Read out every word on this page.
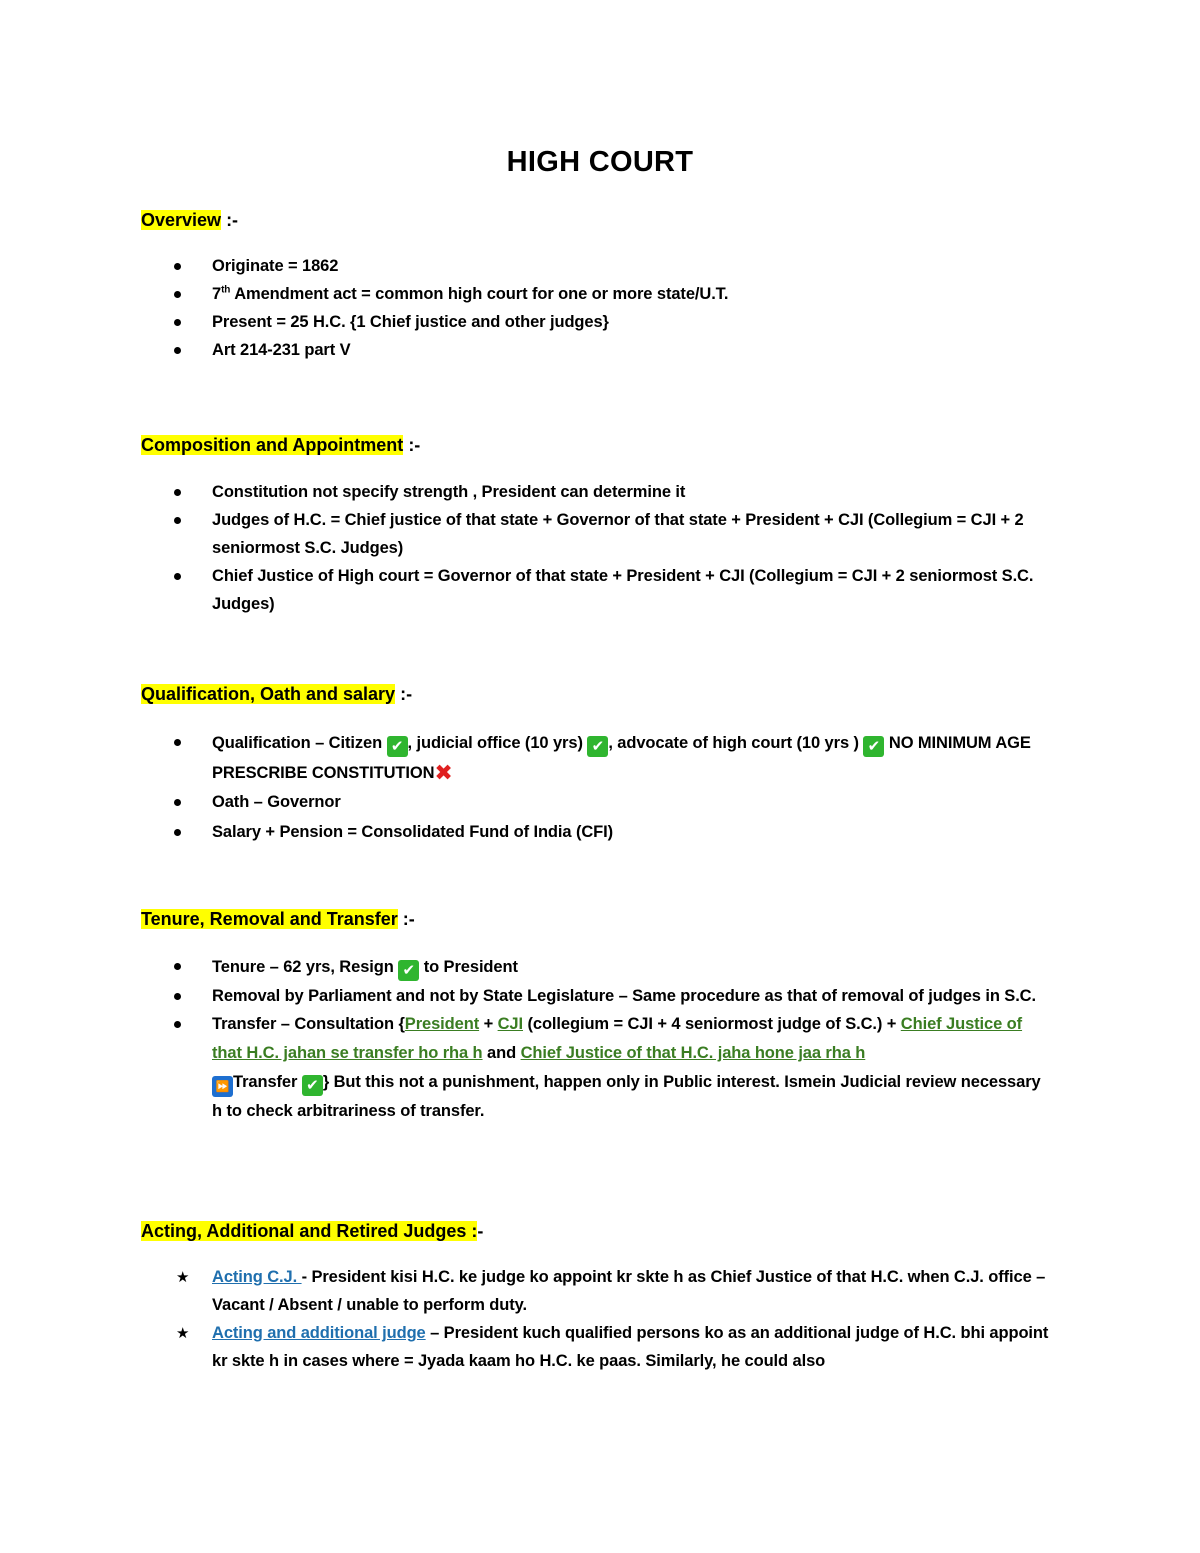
HIGH COURT
Overview :-
Originate = 1862
7th Amendment act = common high court for one or more state/U.T.
Present = 25 H.C. {1 Chief justice and other judges}
Art 214-231 part V
Composition and Appointment :-
Constitution not specify strength , President can determine it
Judges of H.C. = Chief justice of that state + Governor of that state + President + CJI (Collegium = CJI + 2 seniormost S.C. Judges)
Chief Justice of High court = Governor of that state + President + CJI (Collegium = CJI + 2 seniormost S.C. Judges)
Qualification, Oath and salary :-
Qualification – Citizen ✔ , judicial office (10 yrs) ✔ , advocate of high court (10 yrs ) ✔ NO MINIMUM AGE PRESCRIBE CONSTITUTION✖
Oath – Governor
Salary + Pension = Consolidated Fund of India (CFI)
Tenure, Removal and Transfer :-
Tenure – 62 yrs, Resign ✔ to President
Removal by Parliament and not by State Legislature – Same procedure as that of removal of judges in S.C.
Transfer – Consultation {President + CJI (collegium = CJI + 4 seniormost judge of S.C.) + Chief Justice of that H.C. jahan se transfer ho rha h and Chief Justice of that H.C. jaha hone jaa rha h
⏩ Transfer ✔ } But this not a punishment, happen only in Public interest. Ismein Judicial review necessary h to check arbitrariness of transfer.
Acting, Additional and Retired Judges :-
★ Acting C.J. - President kisi H.C. ke judge ko appoint kr skte h as Chief Justice of that H.C. when C.J. office – Vacant / Absent / unable to perform duty.
★ Acting and additional judge – President kuch qualified persons ko as an additional judge of H.C. bhi appoint kr skte h in cases where = Jyada kaam ho H.C. ke paas. Similarly, he could also
